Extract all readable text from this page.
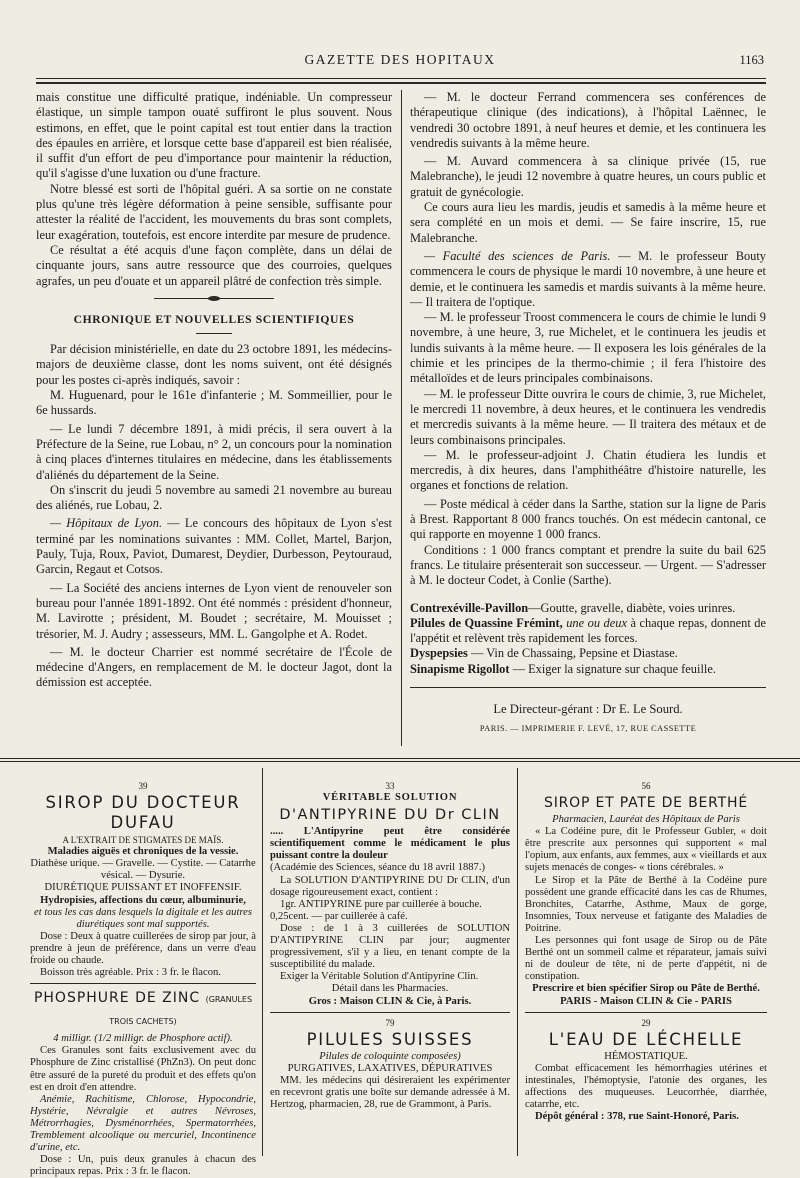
GAZETTE DES HOPITAUX	1163

mais constitue une difficulté pratique, indéniable. Un compresseur élastique, un simple tampon ouaté suffiront le plus souvent. Nous estimons, en effet, que le point capital est tout entier dans la traction des épaules en arrière, et lorsque cette base d'appareil est bien réalisée, il suffit d'un effort de peu d'importance pour maintenir la réduction, qu'il s'agisse d'une luxation ou d'une fracture.

Notre blessé est sorti de l'hôpital guéri. A sa sortie on ne constate plus qu'une très légère déformation à peine sensible, suffisante pour attester la réalité de l'accident, les mouvements du bras sont complets, leur exagération, toutefois, est encore interdite par mesure de prudence.

Ce résultat a été acquis d'une façon complète, dans un délai de cinquante jours, sans autre ressource que des courroies, quelques agrafes, un peu d'ouate et un appareil plâtré de confection très simple.

CHRONIQUE ET NOUVELLES SCIENTIFIQUES

Par décision ministérielle, en date du 23 octobre 1891, les médecins-majors de deuxième classe, dont les noms suivent, ont été désignés pour les postes ci-après indiqués, savoir :

M. Huguenard, pour le 161e d'infanterie ; M. Sommeillier, pour le 6e hussards.

— Le lundi 7 décembre 1891, à midi précis, il sera ouvert à la Préfecture de la Seine, rue Lobau, n° 2, un concours pour la nomination à cinq places d'internes titulaires en médecine, dans les établissements d'aliénés du département de la Seine.

On s'inscrit du jeudi 5 novembre au samedi 21 novembre au bureau des aliénés, rue Lobau, 2.

— Hôpitaux de Lyon. — Le concours des hôpitaux de Lyon s'est terminé par les nominations suivantes : MM. Collet, Martel, Barjon, Pauly, Tuja, Roux, Paviot, Dumarest, Deydier, Durbesson, Peytouraud, Garcin, Regaut et Cotsos.

— La Société des anciens internes de Lyon vient de renouveler son bureau pour l'année 1891-1892. Ont été nommés : président d'honneur, M. Lavirotte ; président, M. Boudet ; secrétaire, M. Mouisset ; trésorier, M. J. Audry ; assesseurs, MM. L. Gangolphe et A. Rodet.

— M. le docteur Charrier est nommé secrétaire de l'École de médecine d'Angers, en remplacement de M. le docteur Jagot, dont la démission est acceptée.

— M. le docteur Ferrand commencera ses conférences de thérapeutique clinique (des indications), à l'hôpital Laënnec, le vendredi 30 octobre 1891, à neuf heures et demie, et les continuera les vendredis suivants à la même heure.

— M. Auvard commencera à sa clinique privée (15, rue Malebranche), le jeudi 12 novembre à quatre heures, un cours public et gratuit de gynécologie.

Ce cours aura lieu les mardis, jeudis et samedis à la même heure et sera complété en un mois et demi. — Se faire inscrire, 15, rue Malebranche.

— Faculté des sciences de Paris. — M. le professeur Bouty commencera le cours de physique le mardi 10 novembre, à une heure et demie, et le continuera les samedis et mardis suivants à la même heure. — Il traitera de l'optique.

— M. le professeur Troost commencera le cours de chimie le lundi 9 novembre, à une heure, 3, rue Michelet, et le continuera les jeudis et lundis suivants à la même heure. — Il exposera les lois générales de la chimie et les principes de la thermo-chimie ; il fera l'histoire des métalloïdes et de leurs principales combinaisons.

— M. le professeur Ditte ouvrira le cours de chimie, 3, rue Michelet, le mercredi 11 novembre, à deux heures, et le continuera les vendredis et mercredis suivants à la même heure. — Il traitera des métaux et de leurs combinaisons principales.

— M. le professeur-adjoint J. Chatin étudiera les lundis et mercredis, à dix heures, dans l'amphithéâtre d'histoire naturelle, les organes et fonctions de relation.

— Poste médical à céder dans la Sarthe, station sur la ligne de Paris à Brest. Rapportant 8 000 francs touchés. On est médecin cantonal, ce qui rapporte en moyenne 1 000 francs.

Conditions : 1 000 francs comptant et prendre la suite du bail 625 francs. Le titulaire présenterait son successeur. — Urgent. — S'adresser à M. le docteur Codet, à Conlie (Sarthe).

Contrexéville-Pavillon—Goutte, gravelle, diabète, voies urinres.

Pilules de Quassine Frémint, une ou deux à chaque repas, donnent de l'appétit et relèvent très rapidement les forces.

Dyspepsies — Vin de Chassaing, Pepsine et Diastase.

Sinapisme Rigollot — Exiger la signature sur chaque feuille.

Le Directeur-gérant : Dr E. Le Sourd.
PARIS. — IMPRIMERIE F. LEVÉ, 17, RUE CASSETTE
39
SIROP DU DOCTEUR DUFAU

A L'EXTRAIT DE STIGMATES DE MAÏS.

Maladies aiguës et chroniques de la vessie.

Diathèse urique. — Gravelle. — Cystite. — Catarrhe vésical. — Dysurie.

DIURÉTIQUE PUISSANT ET INOFFENSIF.

Hydropisies, affections du cœur, albuminurie,

et tous les cas dans lesquels la digitale et les autres diurétiques sont mal supportés.

Dose : Deux à quatre cuillerées de sirop par jour, à prendre à jeun de préférence, dans un verre d'eau froide ou chaude.

Boisson très agréable. Prix : 3 fr. le flacon.

PHOSPHURE DE ZINC (GRANULES TROIS CACHETS)

4 milligr. (1/2 milligr. de Phosphore actif).

Ces Granules sont faits exclusivement avec du Phosphure de Zinc cristallisé (PhZn3). On peut donc être assuré de la pureté du produit et des effets qu'on est en droit d'en attendre.

Anémie, Rachitisme, Chlorose, Hypocondrie, Hystérie, Névralgie et autres Névroses, Métrorrhagies, Dysménorrhées, Spermatorrhées, Tremblement alcoolique ou mercuriel, Incontinence d'urine, etc.

Dose : Un, puis deux granules à chacun des principaux repas. Prix : 3 fr. le flacon.

33

VÉRITABLE SOLUTION

D'ANTIPYRINE DU Dr CLIN

..... L'Antipyrine peut être considérée scientifiquement comme le médicament le plus puissant contre la douleur

(Académie des Sciences, séance du 18 avril 1887.)

La SOLUTION D'ANTIPYRINE DU Dr CLIN, d'un dosage rigoureusement exact, contient :

1gr. ANTIPYRINE pure par cuillerée à bouche.

0,25cent. — par cuillerée à café.

Dose : de 1 à 3 cuillerées de SOLUTION D'ANTIPYRINE CLIN par jour; augmenter progressivement, s'il y a lieu, en tenant compte de la susceptibilité du malade.

Exiger la Véritable Solution d'Antipyrine Clin.

Détail dans les Pharmacies.

Gros : Maison CLIN & Cie, à Paris.

79
PILULES SUISSES

Pilules de coloquinte composées)

PURGATIVES, LAXATIVES, DÉPURATIVES

MM. les médecins qui désireraient les expérimenter en recevront gratis une boîte sur demande adressée à M. Hertzog, pharmacien, 28, rue de Grammont, à Paris.

56
SIROP ET PATE DE BERTHÉ

Pharmacien, Lauréat des Hôpitaux de Paris

« La Codéine pure, dit le Professeur Gubler, « doit être prescrite aux personnes qui supportent « mal l'opium, aux enfants, aux femmes, aux « vieillards et aux sujets menacés de conges- « tions cérébrales. »

Le Sirop et la Pâte de Berthé à la Codéine pure possèdent une grande efficacité dans les cas de Rhumes, Bronchites, Catarrhe, Asthme, Maux de gorge, Insomnies, Toux nerveuse et fatigante des Maladies de Poitrine.

Les personnes qui font usage de Sirop ou de Pâte Berthé ont un sommeil calme et réparateur, jamais suivi ni de douleur de tête, ni de perte d'appétit, ni de constipation.

Prescrire et bien spécifier Sirop ou Pâte de Berthé.

PARIS - Maison CLIN & Cie - PARIS

29
L'EAU DE LÉCHELLE

HÉMOSTATIQUE.

Combat efficacement les hémorrhagies utérines et intestinales, l'hémoptysie, l'atonie des organes, les affections des muqueuses. Leucorrhée, diarrhée, catarrhe, etc.

Dépôt général : 378, rue Saint-Honoré, Paris.
